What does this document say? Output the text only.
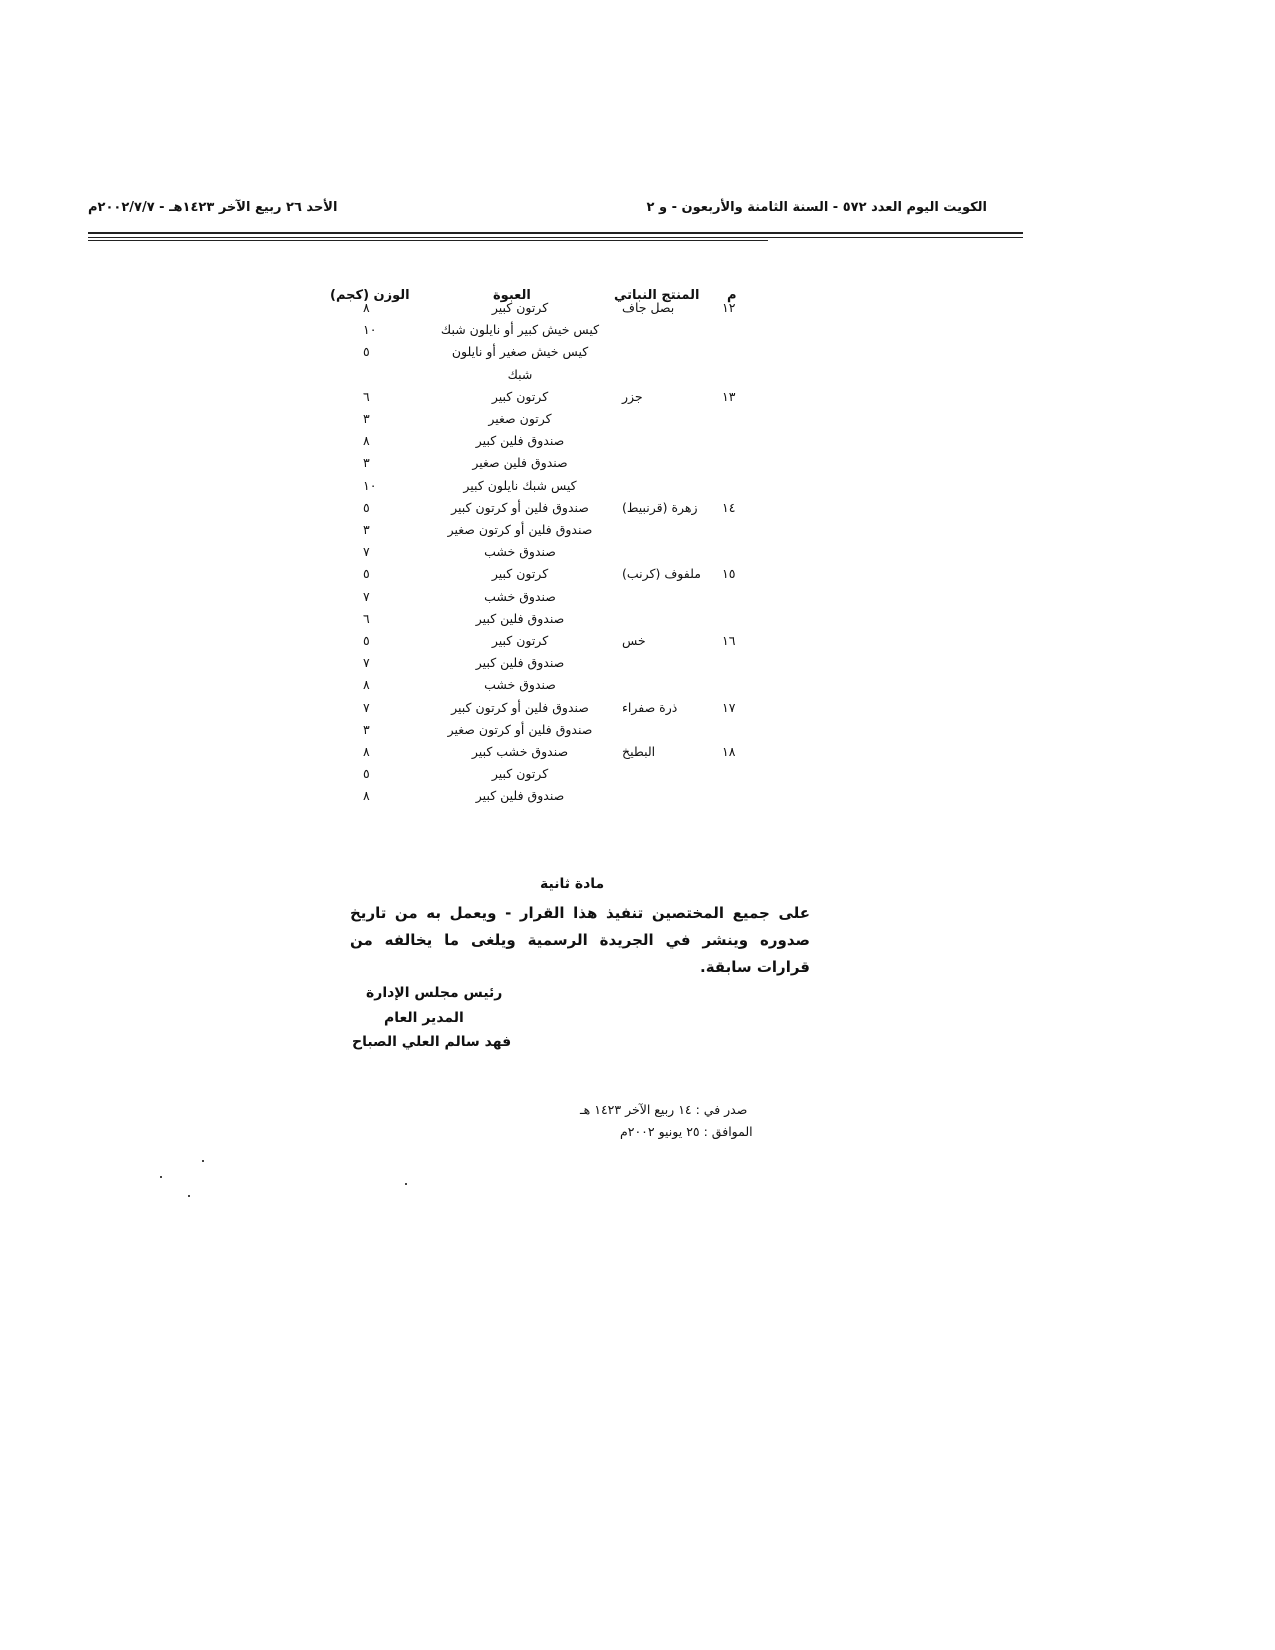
الكويت اليوم العدد ٥٧٢ - السنة الثامنة والأربعون - و ٢
الأحد ٢٦ ربيع الآخر ١٤٢٣هـ - ٢٠٠٢/٧/٧م
م
المنتج النباتي
العبوة
الوزن (كجم)
١٢
بصل جاف
كرتون كبير
٨
كيس خيش كبير أو نايلون شبك
١٠
كيس خيش صغير أو نايلون
٥
شبك
١٣
جزر
كرتون كبير
٦
كرتون صغير
٣
صندوق فلين كبير
٨
صندوق فلين صغير
٣
كيس شبك نايلون كبير
١٠
١٤
زهرة (قرنبيط)
صندوق فلين أو كرتون كبير
٥
صندوق فلين أو كرتون صغير
٣
صندوق خشب
٧
١٥
ملفوف (كرنب)
كرتون كبير
٥
صندوق خشب
٧
صندوق فلين كبير
٦
١٦
خس
كرتون كبير
٥
صندوق فلين كبير
٧
صندوق خشب
٨
١٧
ذرة صفراء
صندوق فلين أو كرتون كبير
٧
صندوق فلين أو كرتون صغير
٣
١٨
البطيخ
صندوق خشب كبير
٨
كرتون كبير
٥
صندوق فلين كبير
٨
مادة ثانية
على جميع المختصين تنفيذ هذا القرار - ويعمل به من تاريخ صدوره وينشر في الجريدة الرسمية ويلغى ما يخالفه من قرارات سابقة.
رئيس مجلس الإدارة
المدير العام
فهد سالم العلي الصباح
صدر في : ١٤ ربيع الآخر ١٤٢٣ هـ
الموافق : ٢٥ يونيو ٢٠٠٢م
